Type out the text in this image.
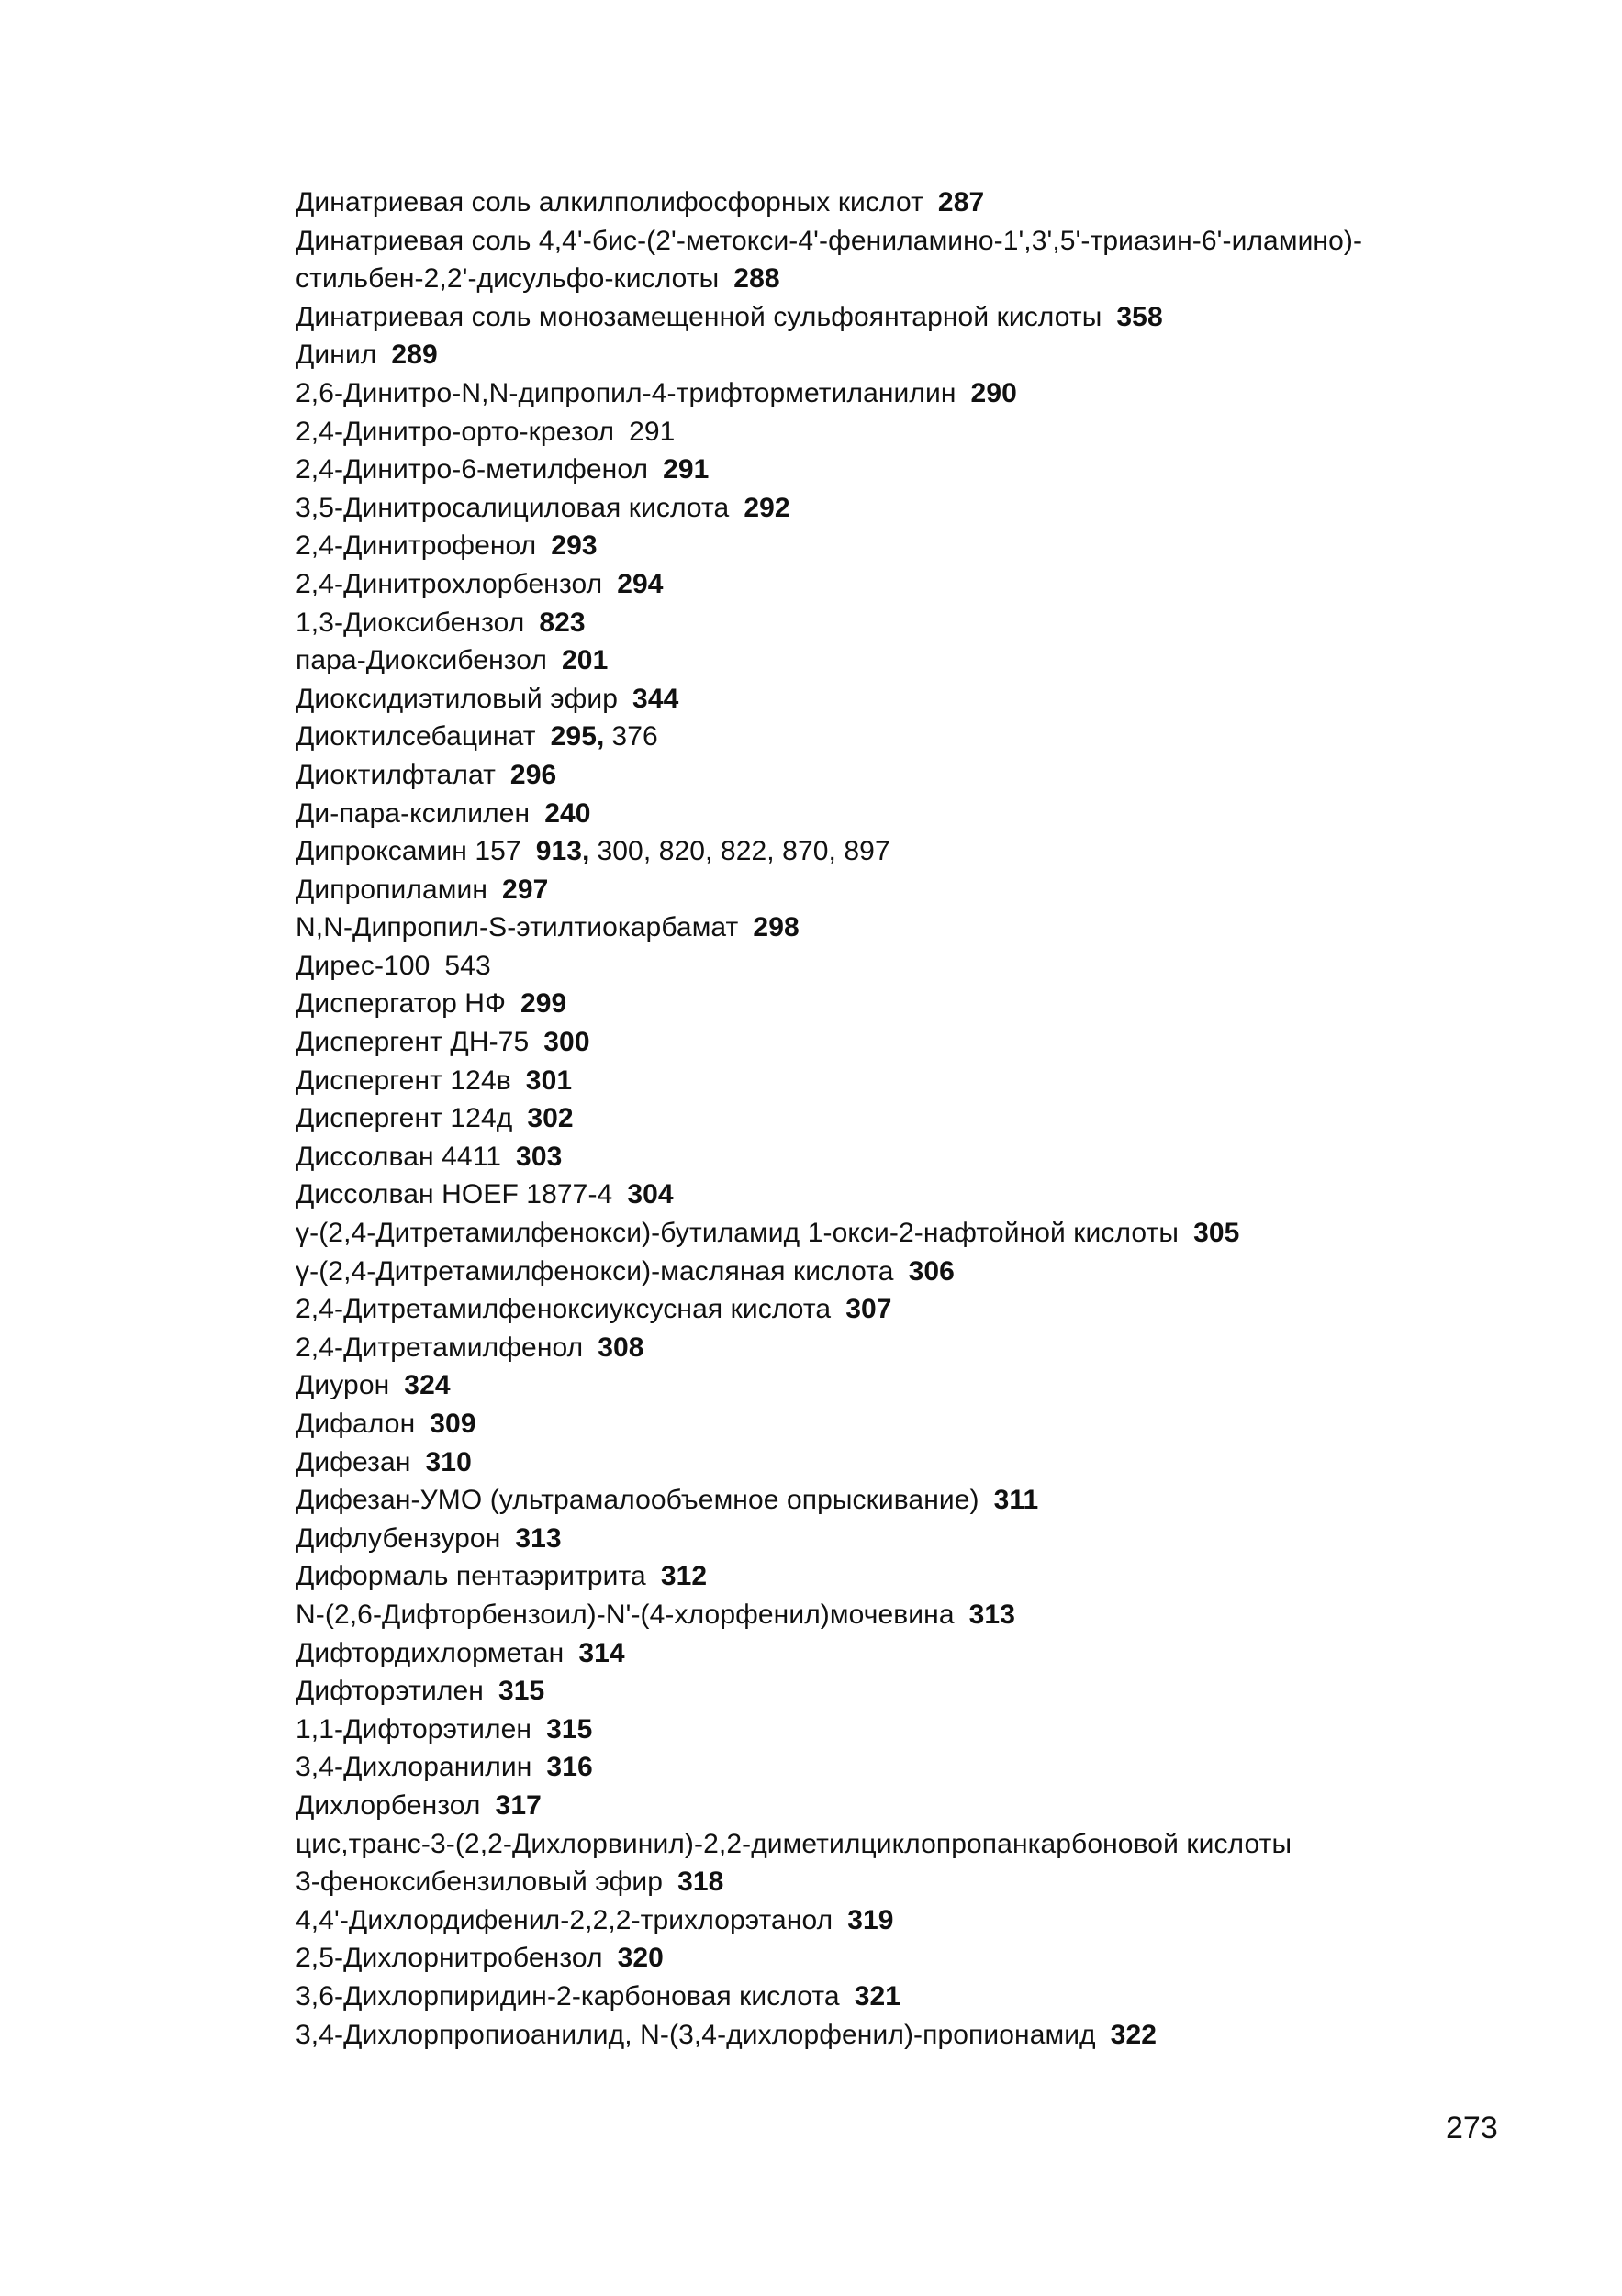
Динатриевая соль алкилполифосфорных кислот 287
Динатриевая соль 4,4'-бис-(2'-метокси-4'-фениламино-1',3',5'-триазин-6'-иламино)-стильбен-2,2'-дисульфо-кислоты 288
Динатриевая соль монозамещенной сульфоянтарной кислоты 358
Динил 289
2,6-Динитро-N,N-дипропил-4-трифторметиланилин 290
2,4-Динитро-орто-крезол 291
2,4-Динитро-6-метилфенол 291
3,5-Динитросалициловая кислота 292
2,4-Динитрофенол 293
2,4-Динитрохлорбензол 294
1,3-Диоксибензол 823
пара-Диоксибензол 201
Диоксидиэтиловый эфир 344
Диоктилсебацинат 295, 376
Диоктилфталат 296
Ди-пара-ксилилен 240
Дипроксамин 157 913, 300, 820, 822, 870, 897
Дипропиламин 297
N,N-Дипропил-S-этилтиокарбамат 298
Дирес-100 543
Диспергатор НФ 299
Диспергент ДН-75 300
Диспергент 124в 301
Диспергент 124д 302
Диссолван 4411 303
Диссолван HOEF 1877-4 304
γ-(2,4-Дитретамилфенокси)-бутиламид 1-окси-2-нафтойной кислоты 305
γ-(2,4-Дитретамилфенокси)-масляная кислота 306
2,4-Дитретамилфеноксиуксусная кислота 307
2,4-Дитретамилфенол 308
Диурон 324
Дифалон 309
Дифезан 310
Дифезан-УМО (ультрамалообъемное опрыскивание) 311
Дифлубензурон 313
Диформаль пентаэритрита 312
N-(2,6-Дифторбензоил)-N'-(4-хлорфенил)мочевина 313
Дифтордихлорметан 314
Дифторэтилен 315
1,1-Дифторэтилен 315
3,4-Дихлоранилин 316
Дихлорбензол 317
цис,транс-3-(2,2-Дихлорвинил)-2,2-диметилциклопропанкарбоновой кислоты
3-феноксибензиловый эфир 318
4,4'-Дихлордифенил-2,2,2-трихлорэтанол 319
2,5-Дихлорнитробензол 320
3,6-Дихлорпиридин-2-карбоновая кислота 321
3,4-Дихлорпропиоанилид, N-(3,4-дихлорфенил)-пропионамид 322
273
